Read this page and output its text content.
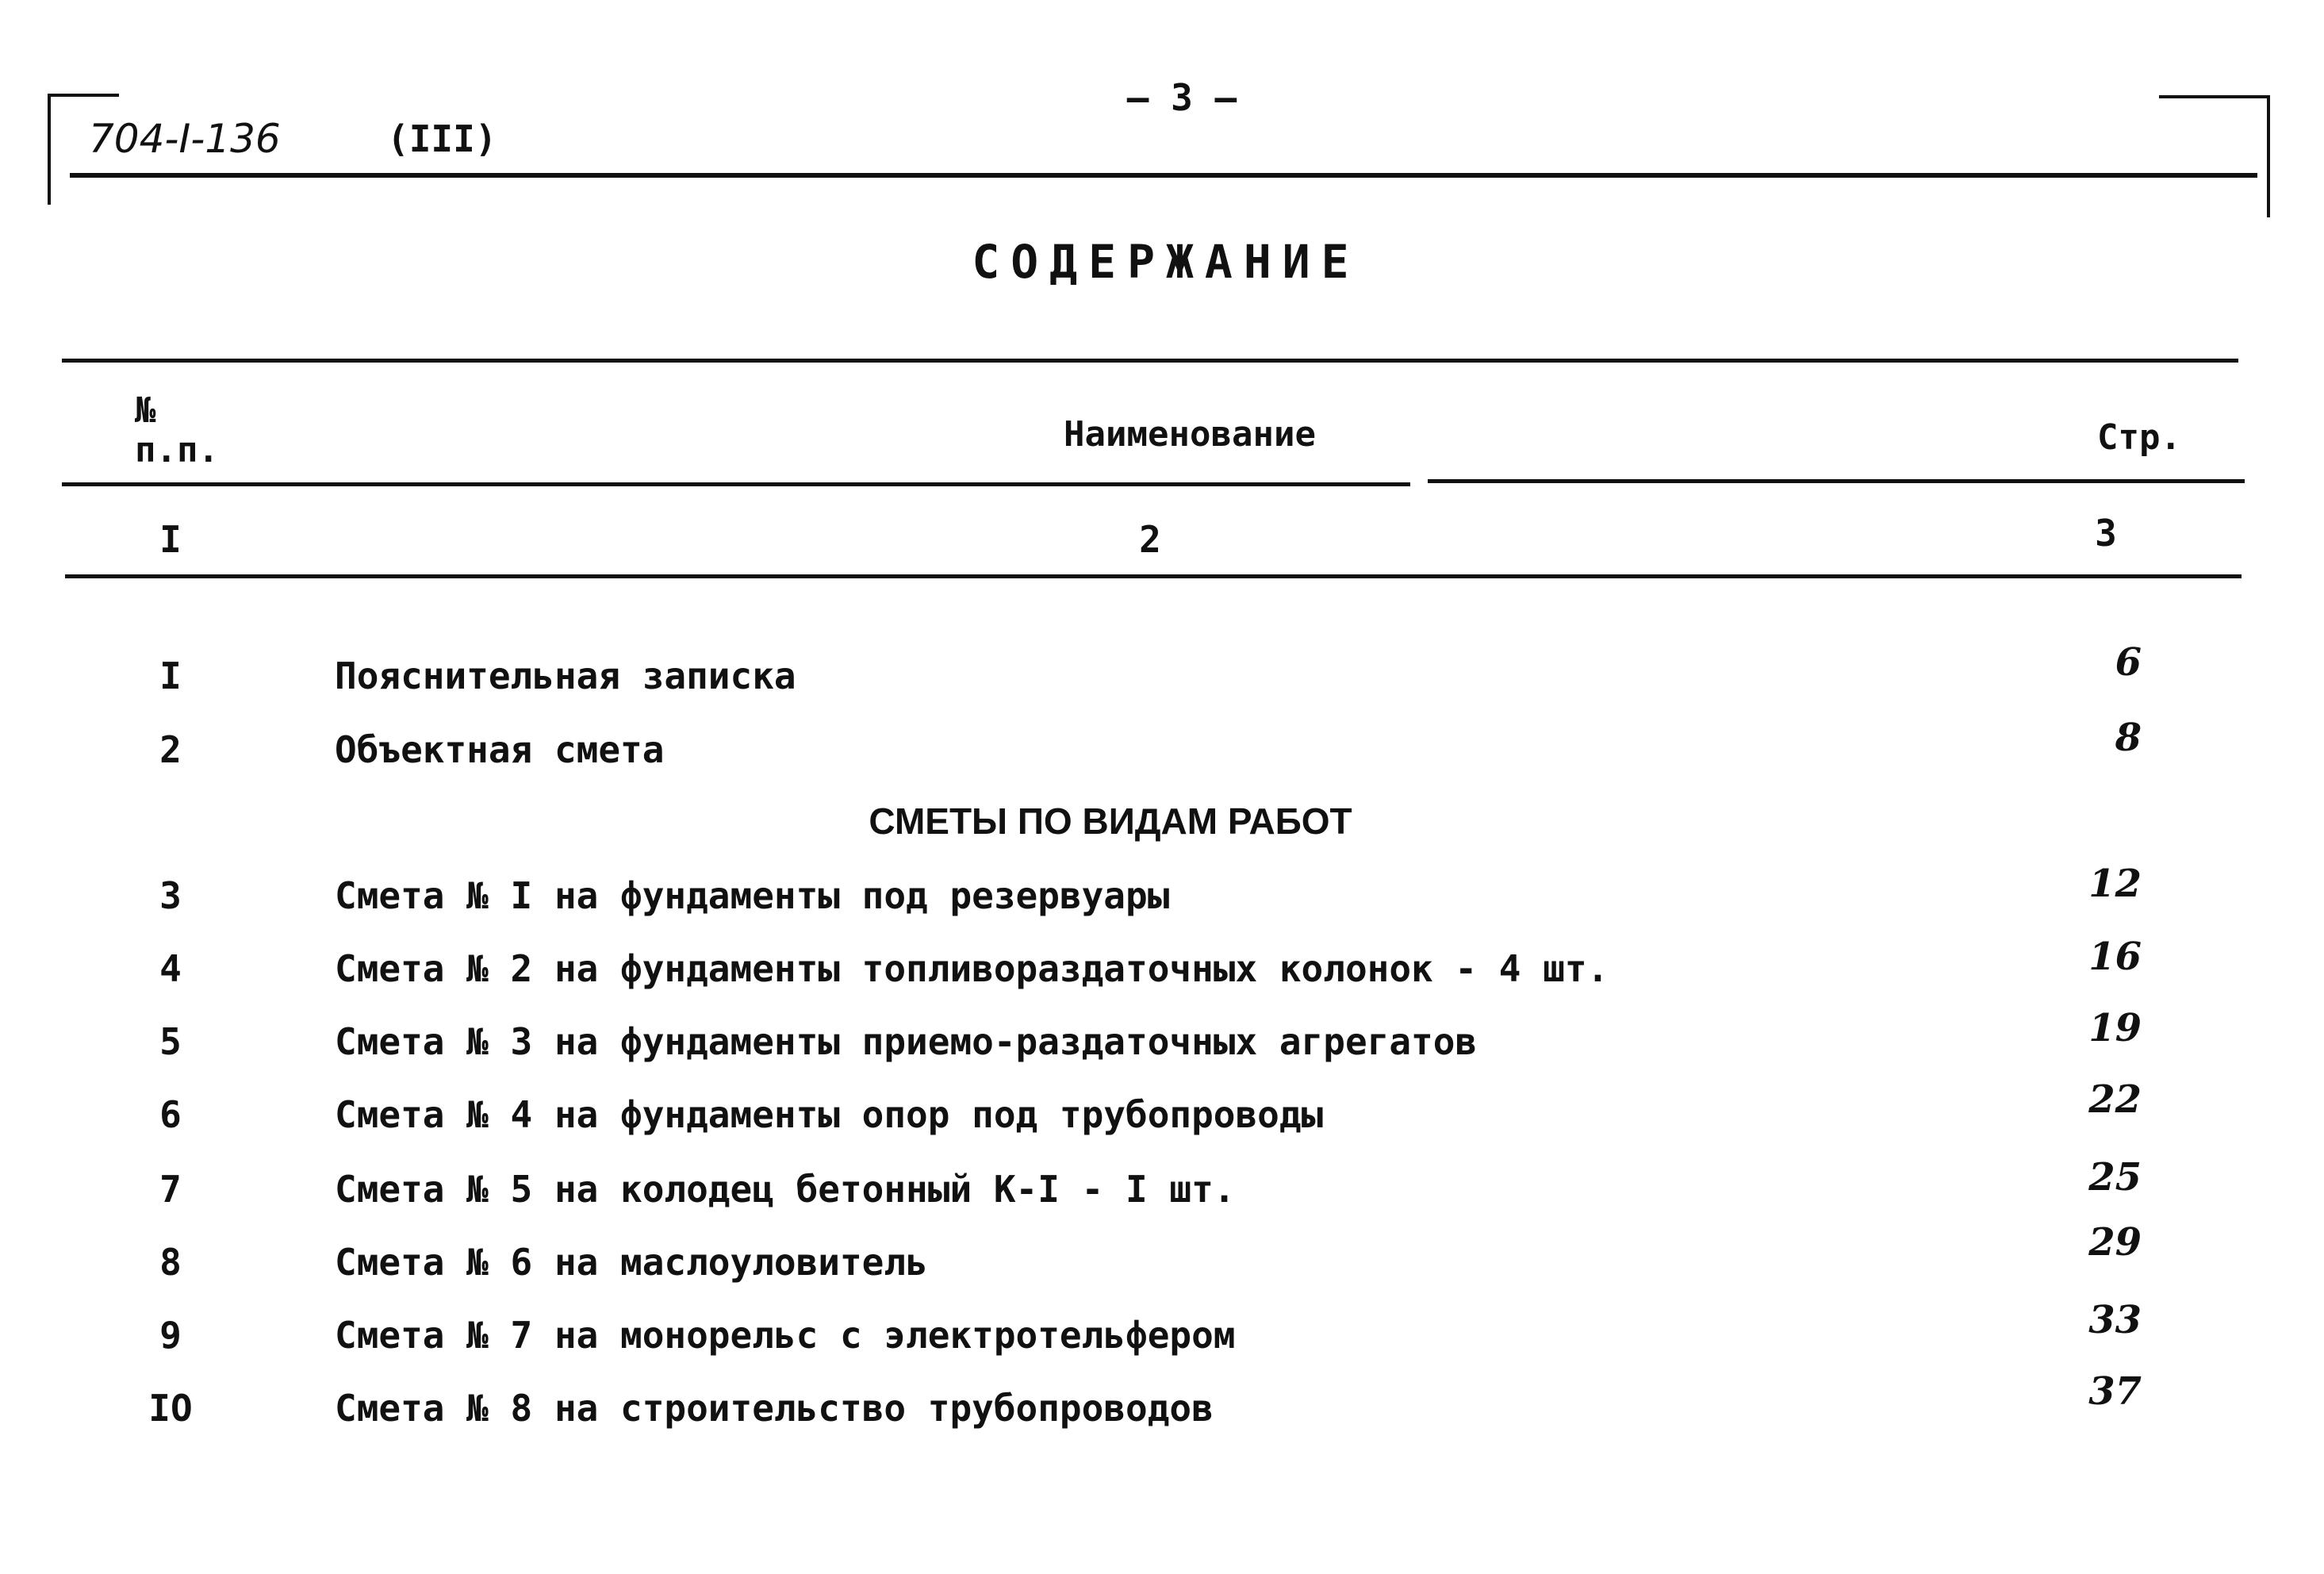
— 3 —
704-I-136	(III)
СОДЕРЖАНИЕ
№
п.п.	Наименование	Стр.
I	2	3
I	Пояснительная записка	6
2	Объектная смета	8
СМЕТЫ ПО ВИДАМ РАБОТ
3	Смета № I на фундаменты под резервуары	12
4	Смета № 2 на фундаменты топливораздаточных колонок - 4 шт.	16
5	Смета № 3 на фундаменты приемо-раздаточных агрегатов	19
6	Смета № 4 на фундаменты опор под трубопроводы	22
7	Смета № 5 на колодец бетонный К-I - I шт.	25
8	Смета № 6 на маслоуловитель	29
9	Смета № 7 на монорельс с электротельфером	33
IO	Смета № 8 на строительство трубопроводов	37
